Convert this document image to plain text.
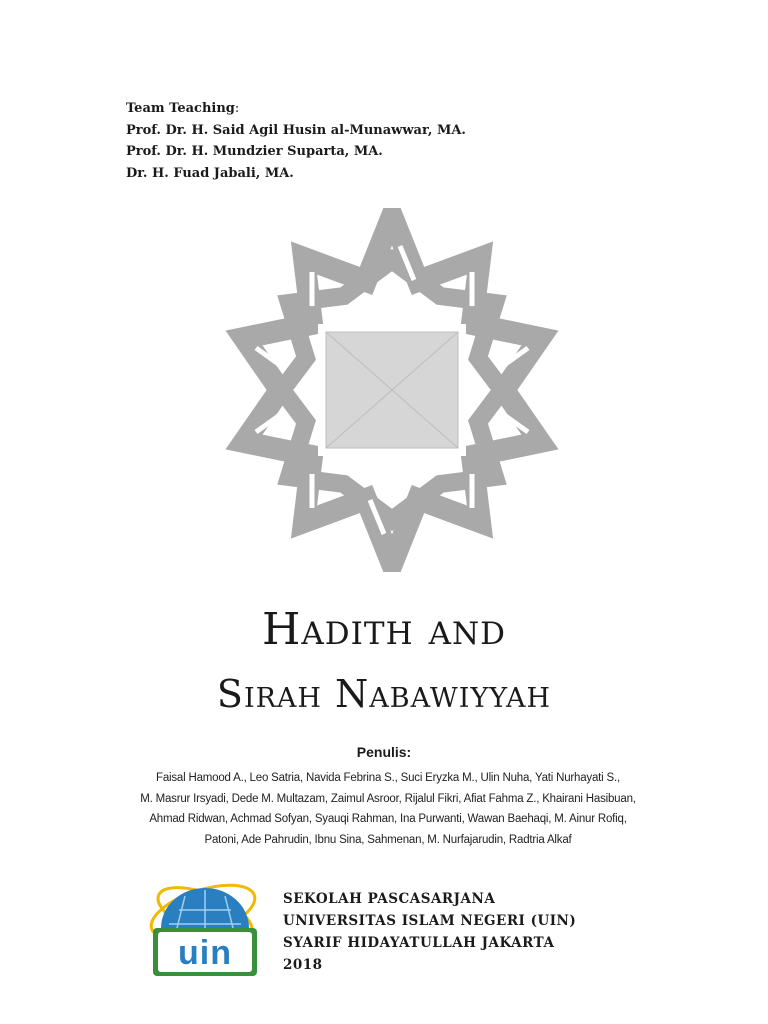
Team Teaching:
Prof. Dr. H. Said Agil Husin al-Munawwar, MA.
Prof. Dr. H. Mundzier Suparta, MA.
Dr. H. Fuad Jabali, MA.
Hadith and
Sirah Nabawiyyah
Penulis:
Faisal Hamood A., Leo Satria, Navida Febrina S., Suci Eryzka M., Ulin Nuha, Yati Nurhayati S.,
M. Masrur Irsyadi, Dede M. Multazam, Zaimul Asroor, Rijalul Fikri, Afiat Fahma Z., Khairani Hasibuan,
Ahmad Ridwan, Achmad Sofyan, Syauqi Rahman, Ina Purwanti, Wawan Baehaqi, M. Ainur Rofiq,
Patoni, Ade Pahrudin, Ibnu Sina, Sahmenan, M. Nurfajarudin, Radtria Alkaf
uin
SEKOLAH PASCASARJANA
UNIVERSITAS ISLAM NEGERI (UIN)
SYARIF HIDAYATULLAH JAKARTA
2018
